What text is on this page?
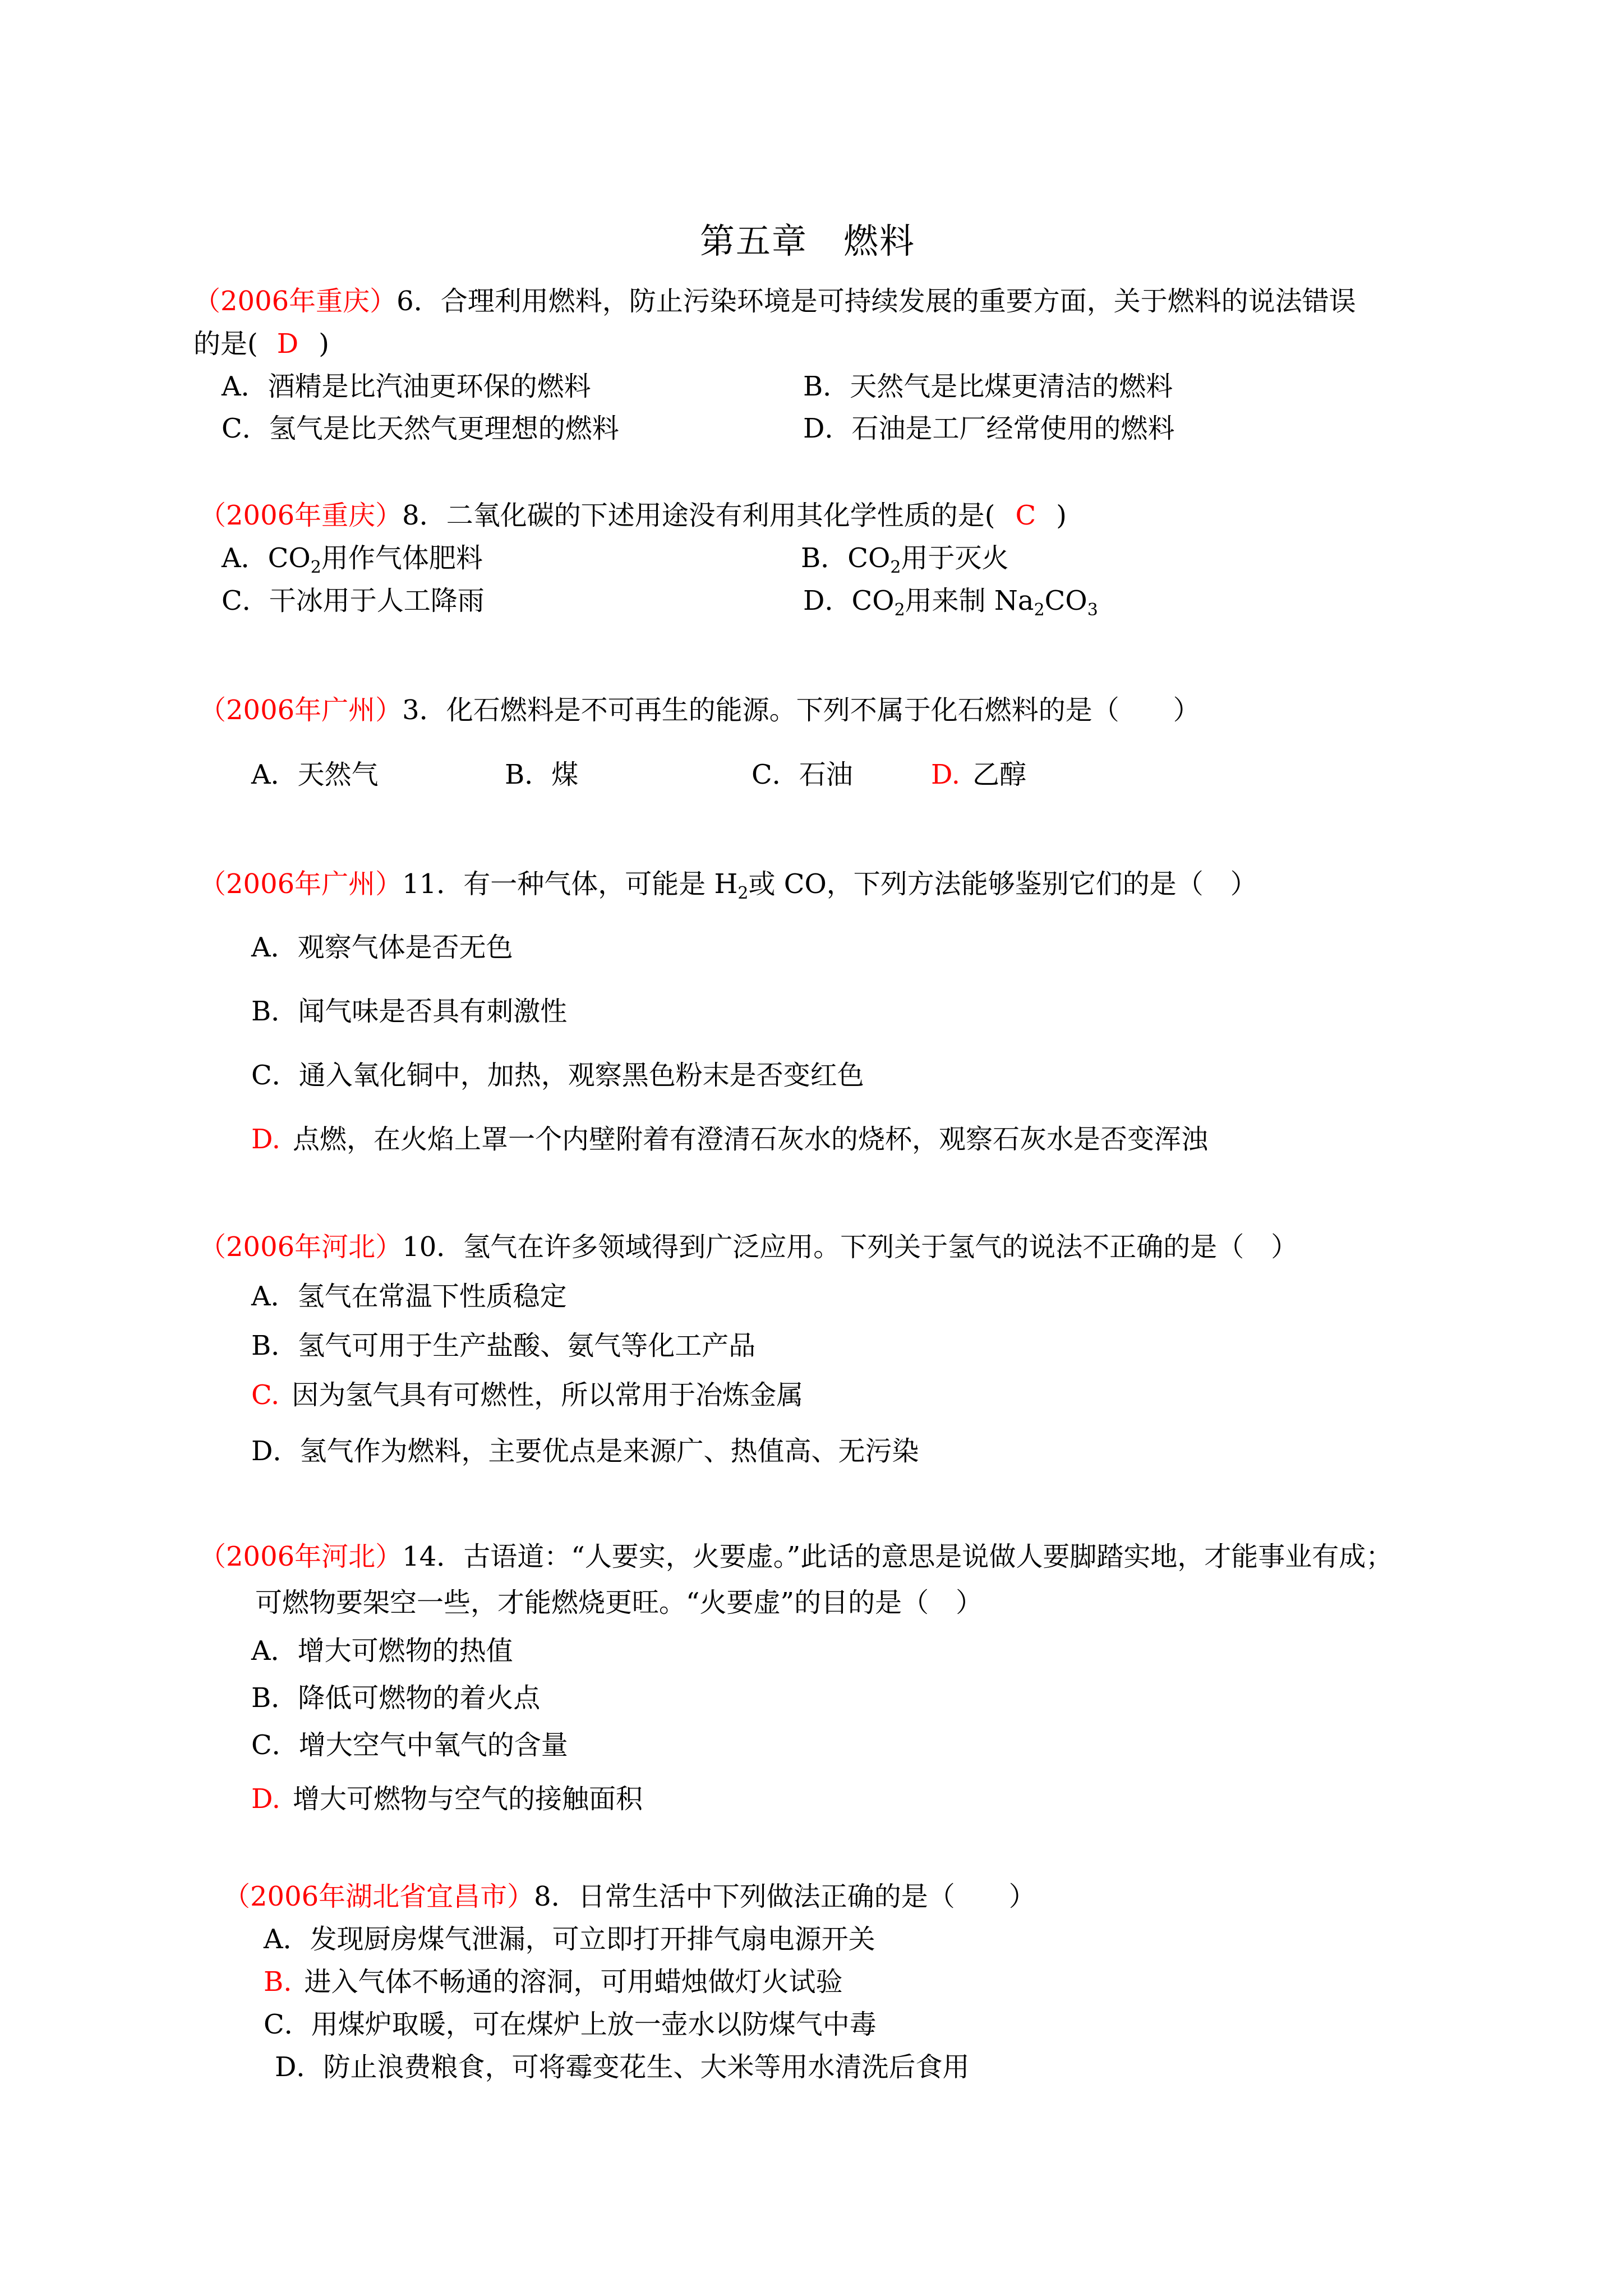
第五章　燃料
（2006年重庆）6．合理利用燃料，防止污染环境是可持续发展的重要方面，关于燃料的说法错误
的是( D )
A．酒精是比汽油更环保的燃料	B．天然气是比煤更清洁的燃料
C．氢气是比天然气更理想的燃料	D．石油是工厂经常使用的燃料
（2006年重庆）8．二氧化碳的下述用途没有利用其化学性质的是( C )
A．$CO_2$用作气体肥料	B．$CO_2$用于灭火
C．干冰用于人工降雨	D．$CO_2$用来制 $Na_2CO_3$
（2006年广州）3．化石燃料是不可再生的能源。下列不属于化石燃料的是（　　）
A．天然气	B．煤	C．石油	D. 乙醇
（2006年广州）11．有一种气体，可能是 $H_2$或 CO，下列方法能够鉴别它们的是（　）
A．观察气体是否无色
B．闻气味是否具有刺激性
C．通入氧化铜中，加热，观察黑色粉末是否变红色
D. 点燃，在火焰上罩一个内壁附着有澄清石灰水的烧杯，观察石灰水是否变浑浊
（2006年河北）10．氢气在许多领域得到广泛应用。下列关于氢气的说法不正确的是（　）
A．氢气在常温下性质稳定
B．氢气可用于生产盐酸、氨气等化工产品
C. 因为氢气具有可燃性，所以常用于冶炼金属
D．氢气作为燃料，主要优点是来源广、热值高、无污染
（2006年河北）14．古语道：“人要实，火要虚。”此话的意思是说做人要脚踏实地，才能事业有成；
可燃物要架空一些，才能燃烧更旺。“火要虚”的目的是（　）
A．增大可燃物的热值
B．降低可燃物的着火点
C．增大空气中氧气的含量
D. 增大可燃物与空气的接触面积
（2006年湖北省宜昌市）8．日常生活中下列做法正确的是（　　）
A．发现厨房煤气泄漏，可立即打开排气扇电源开关
B. 进入气体不畅通的溶洞，可用蜡烛做灯火试验
C．用煤炉取暖，可在煤炉上放一壶水以防煤气中毒
D．防止浪费粮食，可将霉变花生、大米等用水清洗后食用
